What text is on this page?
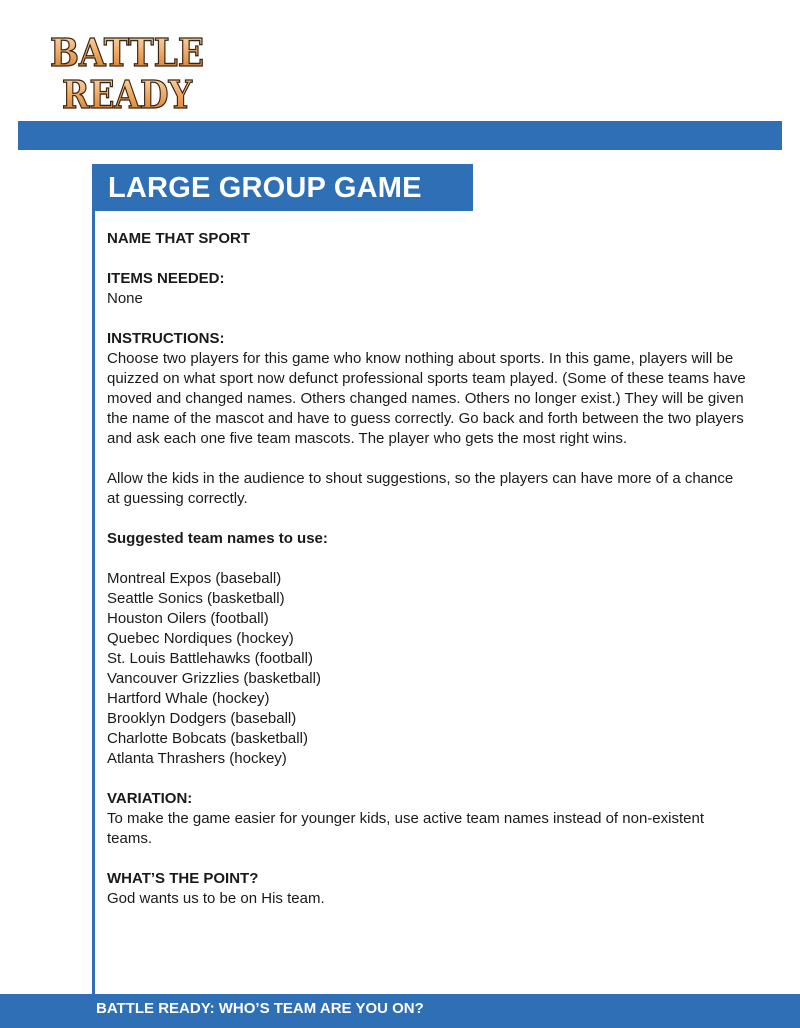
BATTLE
READY
LARGE GROUP GAME

NAME THAT SPORT

ITEMS NEEDED:

None

INSTRUCTIONS:

Choose two players for this game who know nothing about sports. In this game, players will be quizzed on what sport now defunct professional sports team played. (Some of these teams have moved and changed names. Others changed names. Others no longer exist.) They will be given the name of the mascot and have to guess correctly. Go back and forth between the two players and ask each one five team mascots. The player who gets the most right wins.

Allow the kids in the audience to shout suggestions, so the players can have more of a chance at guessing correctly.

Suggested team names to use:

Montreal Expos (baseball)
Seattle Sonics (basketball)
Houston Oilers (football)
Quebec Nordiques (hockey)
St. Louis Battlehawks (football)
Vancouver Grizzlies (basketball)
Hartford Whale (hockey)
Brooklyn Dodgers (baseball)
Charlotte Bobcats (basketball)
Atlanta Thrashers (hockey)

VARIATION:

To make the game easier for younger kids, use active team names instead of non-existent teams.

WHAT’S THE POINT?

God wants us to be on His team.

BATTLE READY: WHO’S TEAM ARE YOU ON?
